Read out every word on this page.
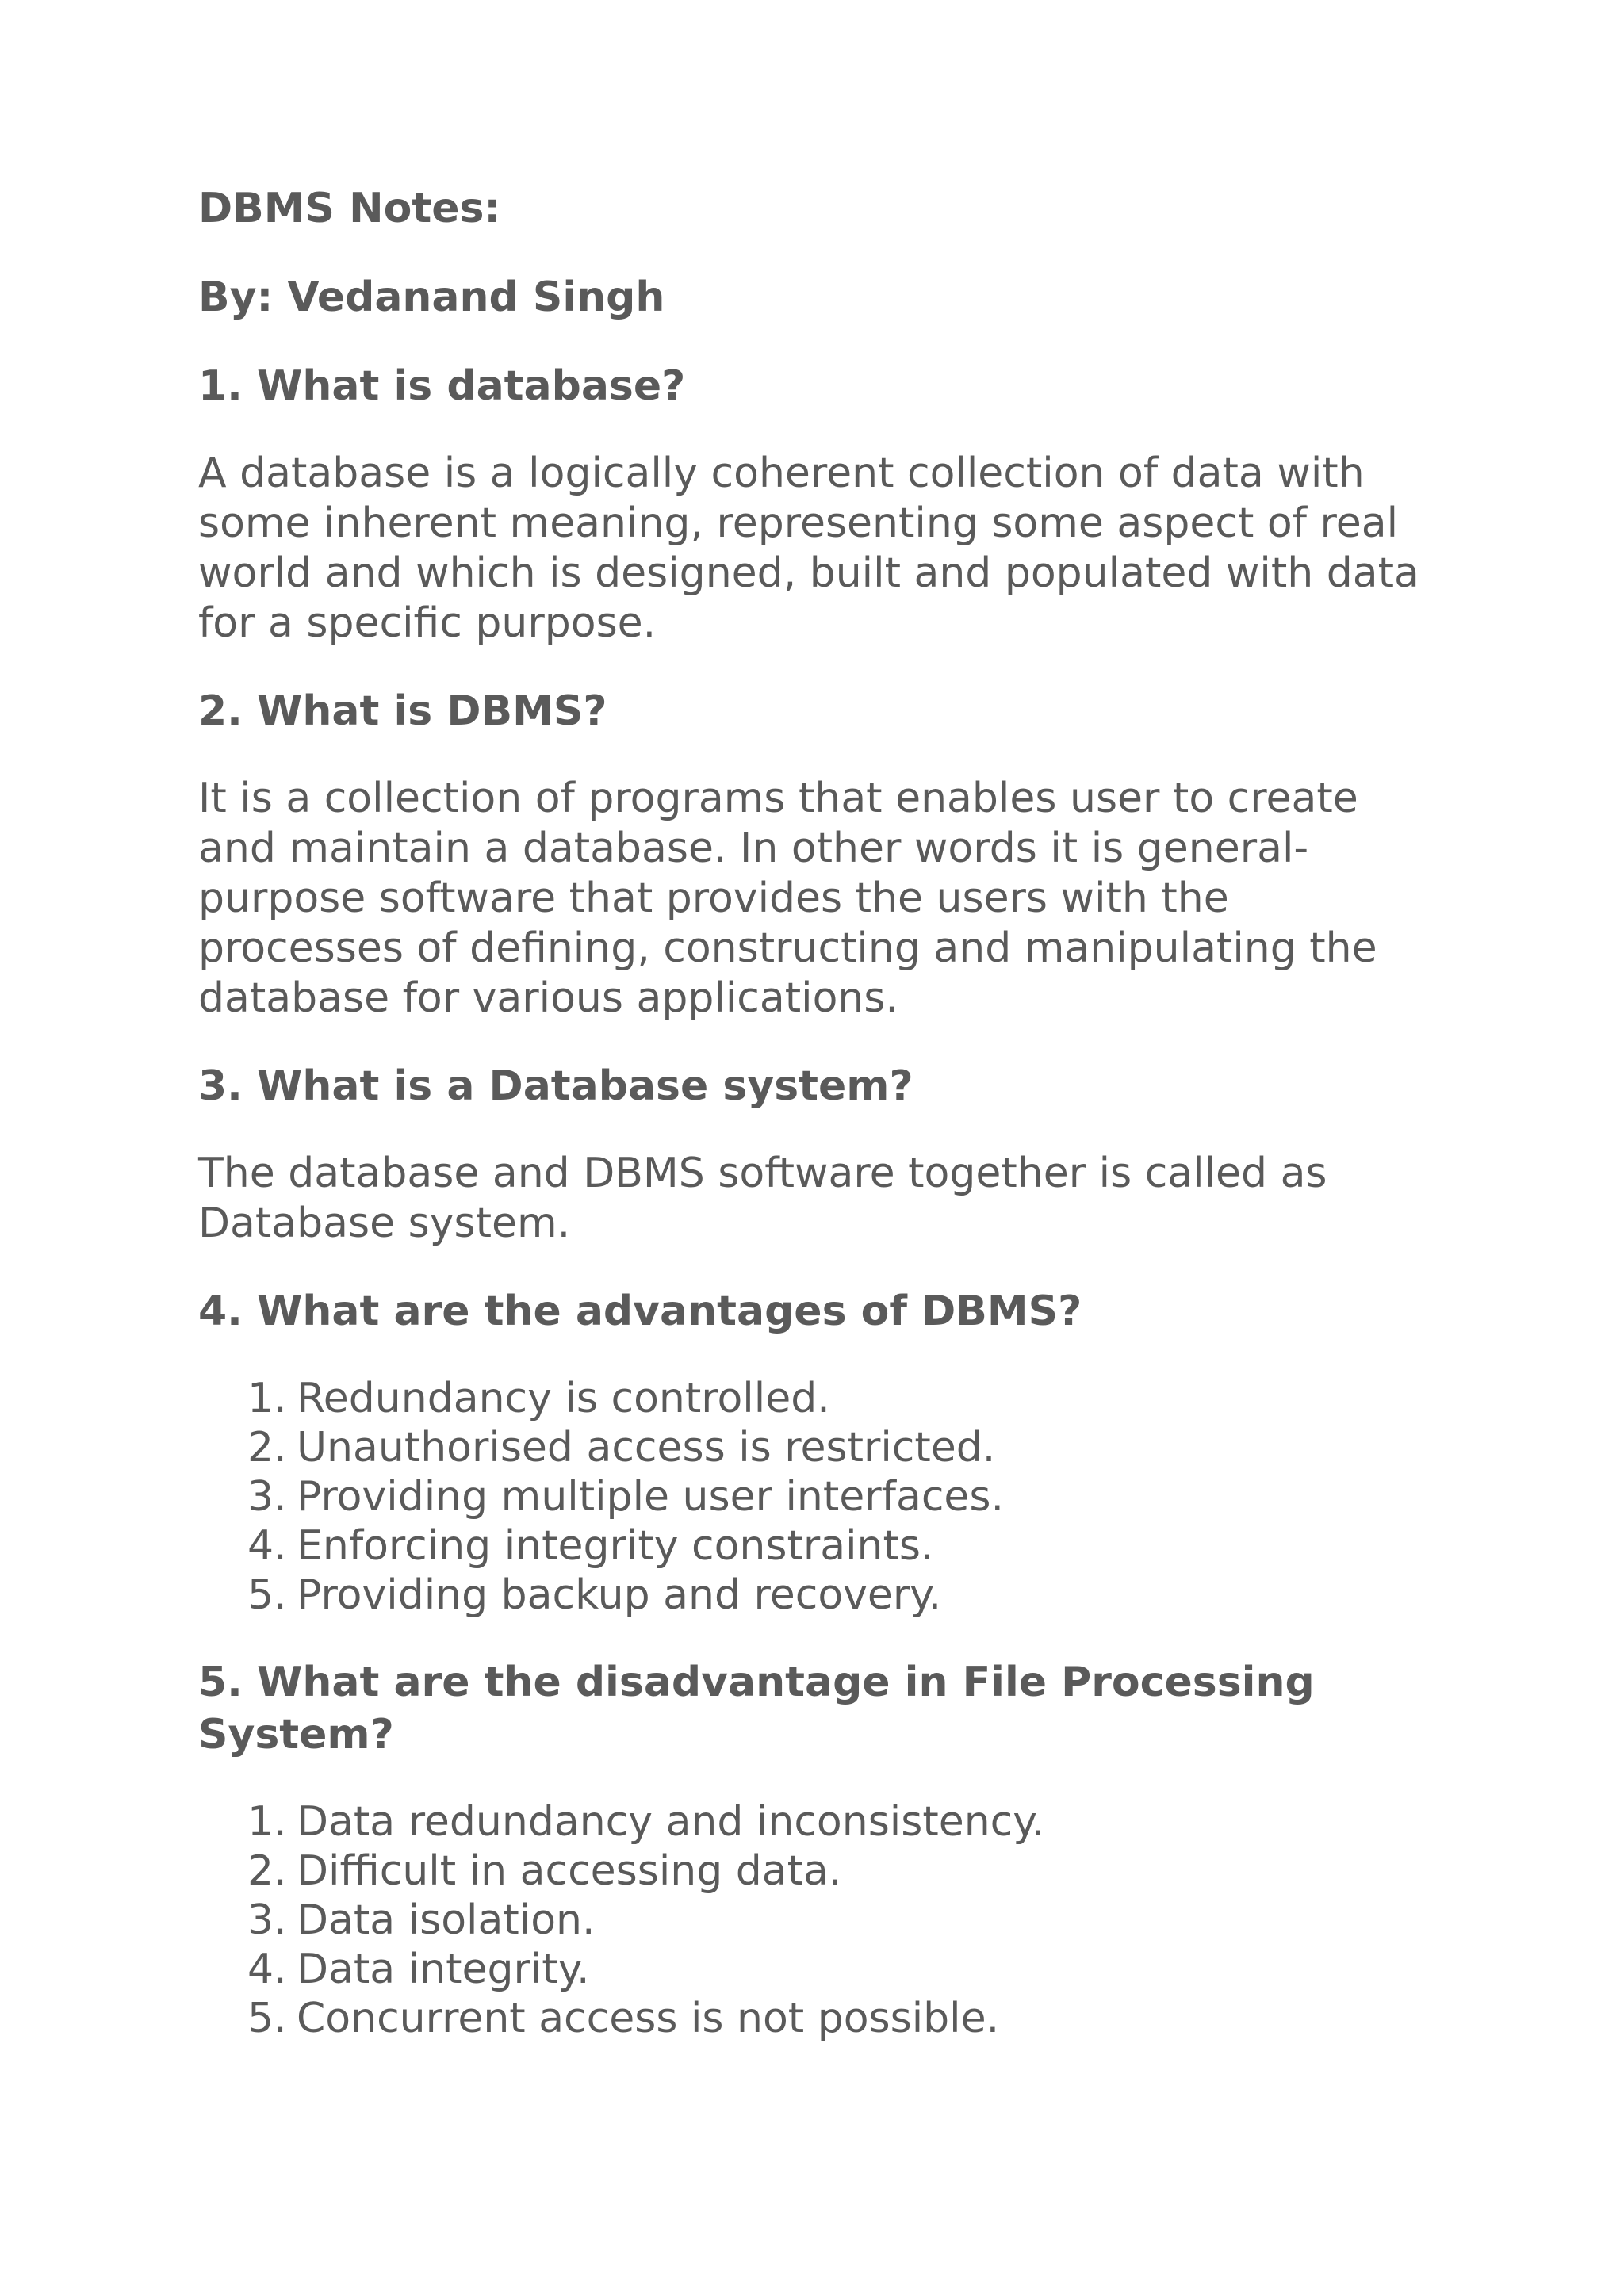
DBMS Notes:

By: Vedanand Singh

1. What is database?

A database is a logically coherent collection of data with some inherent meaning, representing some aspect of real world and which is designed, built and populated with data for a specific purpose.

2. What is DBMS?

It is a collection of programs that enables user to create and maintain a database. In other words it is general-purpose software that provides the users with the processes of defining, constructing and manipulating the database for various applications.

3. What is a Database system?

The database and DBMS software together is called as Database system.

4. What are the advantages of DBMS?

1. Redundancy is controlled.
2. Unauthorised access is restricted.
3. Providing multiple user interfaces.
4. Enforcing integrity constraints.
5. Providing backup and recovery.

5. What are the disadvantage in File Processing System?

1. Data redundancy and inconsistency.
2. Difficult in accessing data.
3. Data isolation.
4. Data integrity.
5. Concurrent access is not possible.
